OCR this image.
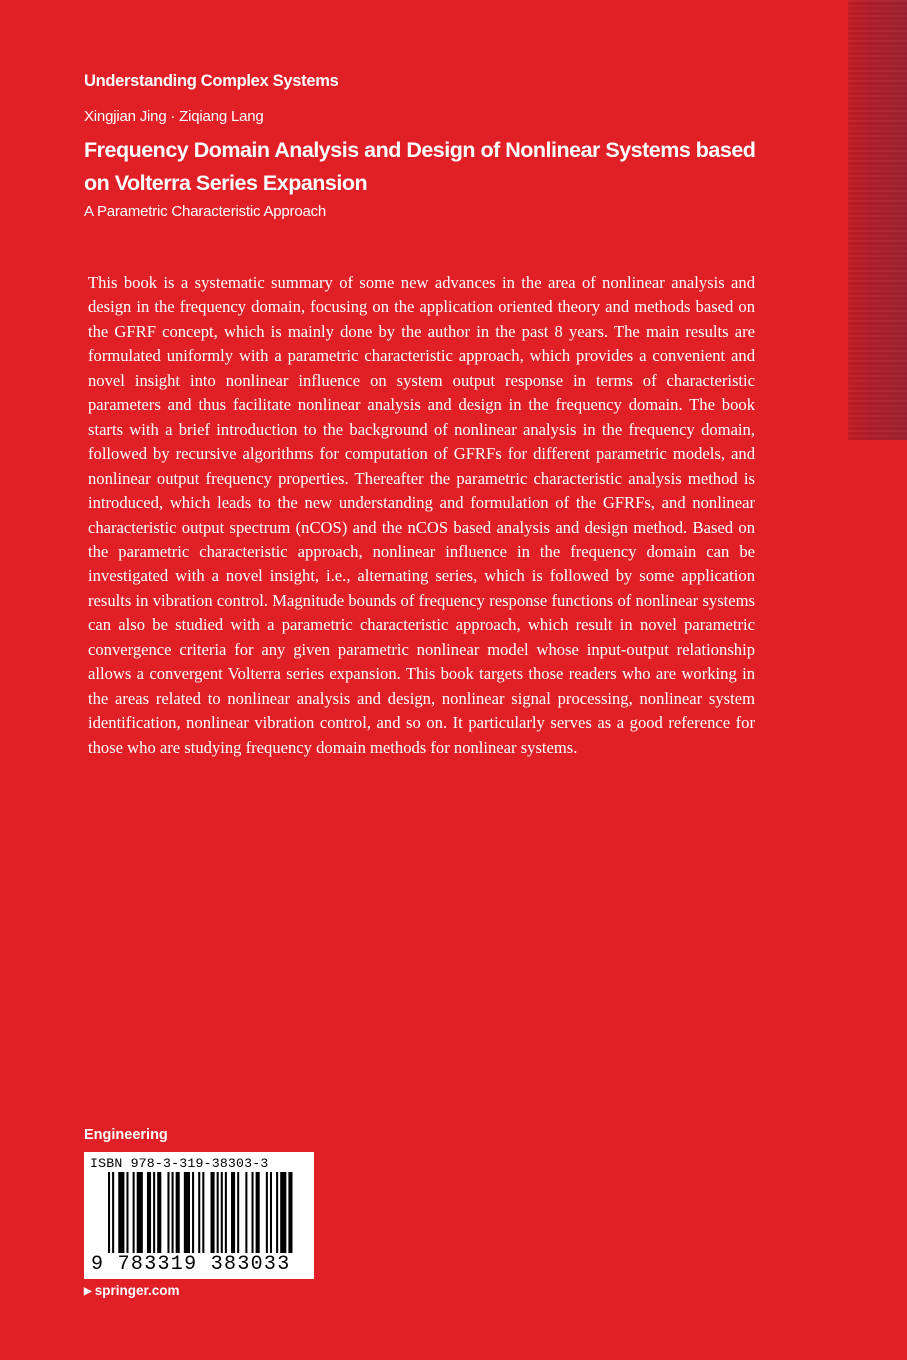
Understanding Complex Systems
Xingjian Jing · Ziqiang Lang
Frequency Domain Analysis and Design of Nonlinear Systems based on Volterra Series Expansion
A Parametric Characteristic Approach

This book is a systematic summary of some new advances in the area of nonlinear analysis and design in the frequency domain, focusing on the application oriented theory and methods based on the GFRF concept, which is mainly done by the author in the past 8 years. The main results are formulated uniformly with a parametric characteristic approach, which provides a convenient and novel insight into nonlinear influence on system output response in terms of characteristic parameters and thus facilitate nonlinear analysis and design in the frequency domain. The book starts with a brief introduction to the background of nonlinear analysis in the frequency domain, followed by recursive algorithms for computation of GFRFs for different parametric models, and nonlinear output frequency properties. Thereafter the parametric characteristic analysis method is introduced, which leads to the new understanding and formulation of the GFRFs, and nonlinear characteristic output spectrum (nCOS) and the nCOS based analysis and design method. Based on the parametric characteristic approach, nonlinear influence in the frequency domain can be investigated with a novel insight, i.e., alternating series, which is followed by some application results in vibration control. Magnitude bounds of frequency response functions of nonlinear systems can also be studied with a parametric characteristic approach, which result in novel parametric convergence criteria for any given parametric nonlinear model whose input-output relationship allows a convergent Volterra series expansion. This book targets those readers who are working in the areas related to nonlinear analysis and design, nonlinear signal processing, nonlinear system identification, nonlinear vibration control, and so on. It particularly serves as a good reference for those who are studying frequency domain methods for nonlinear systems.

Engineering
ISBN 978-3-319-38303-3
9 783319 383033
▶ springer.com
